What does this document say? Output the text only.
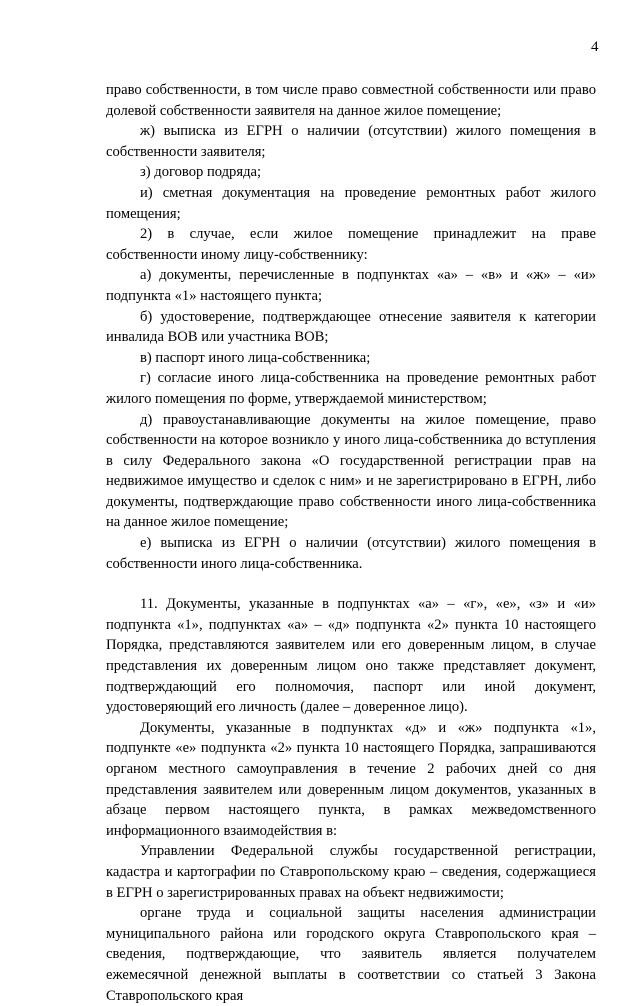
4

право собственности, в том числе право совместной собственности или право долевой собственности заявителя на данное жилое помещение;

ж) выписка из ЕГРН о наличии (отсутствии) жилого помещения в собственности заявителя;

з) договор подряда;

и) сметная документация на проведение ремонтных работ жилого помещения;

2) в случае, если жилое помещение принадлежит на праве собственности иному лицу-собственнику:

а) документы, перечисленные в подпунктах «а» – «в» и «ж» – «и» подпункта «1» настоящего пункта;

б) удостоверение, подтверждающее отнесение заявителя к категории инвалида ВОВ или участника ВОВ;

в) паспорт иного лица-собственника;

г) согласие иного лица-собственника на проведение ремонтных работ жилого помещения по форме, утверждаемой министерством;

д) правоустанавливающие документы на жилое помещение, право собственности на которое возникло у иного лица-собственника до вступления в силу Федерального закона «О государственной регистрации прав на недвижимое имущество и сделок с ним» и не зарегистрировано в ЕГРН, либо документы, подтверждающие право собственности иного лица-собственника на данное жилое помещение;

е) выписка из ЕГРН о наличии (отсутствии) жилого помещения в собственности иного лица-собственника.

11. Документы, указанные в подпунктах «а» – «г», «е», «з» и «и» подпункта «1», подпунктах «а» – «д» подпункта «2» пункта 10 настоящего Порядка, представляются заявителем или его доверенным лицом, в случае представления их доверенным лицом оно также представляет документ, подтверждающий его полномочия, паспорт или иной документ, удостоверяющий его личность (далее – доверенное лицо).

Документы, указанные в подпунктах «д» и «ж» подпункта «1», подпункте «е» подпункта «2» пункта 10 настоящего Порядка, запрашиваются органом местного самоуправления в течение 2 рабочих дней со дня представления заявителем или доверенным лицом документов, указанных в абзаце первом настоящего пункта, в рамках межведомственного информационного взаимодействия в:

Управлении Федеральной службы государственной регистрации, кадастра и картографии по Ставропольскому краю – сведения, содержащиеся в ЕГРН о зарегистрированных правах на объект недвижимости;

органе труда и социальной защиты населения администрации муниципального района или городского округа Ставропольского края – сведения, подтверждающие, что заявитель является получателем ежемесячной денежной выплаты в соответствии со статьей 3 Закона Ставропольского края
